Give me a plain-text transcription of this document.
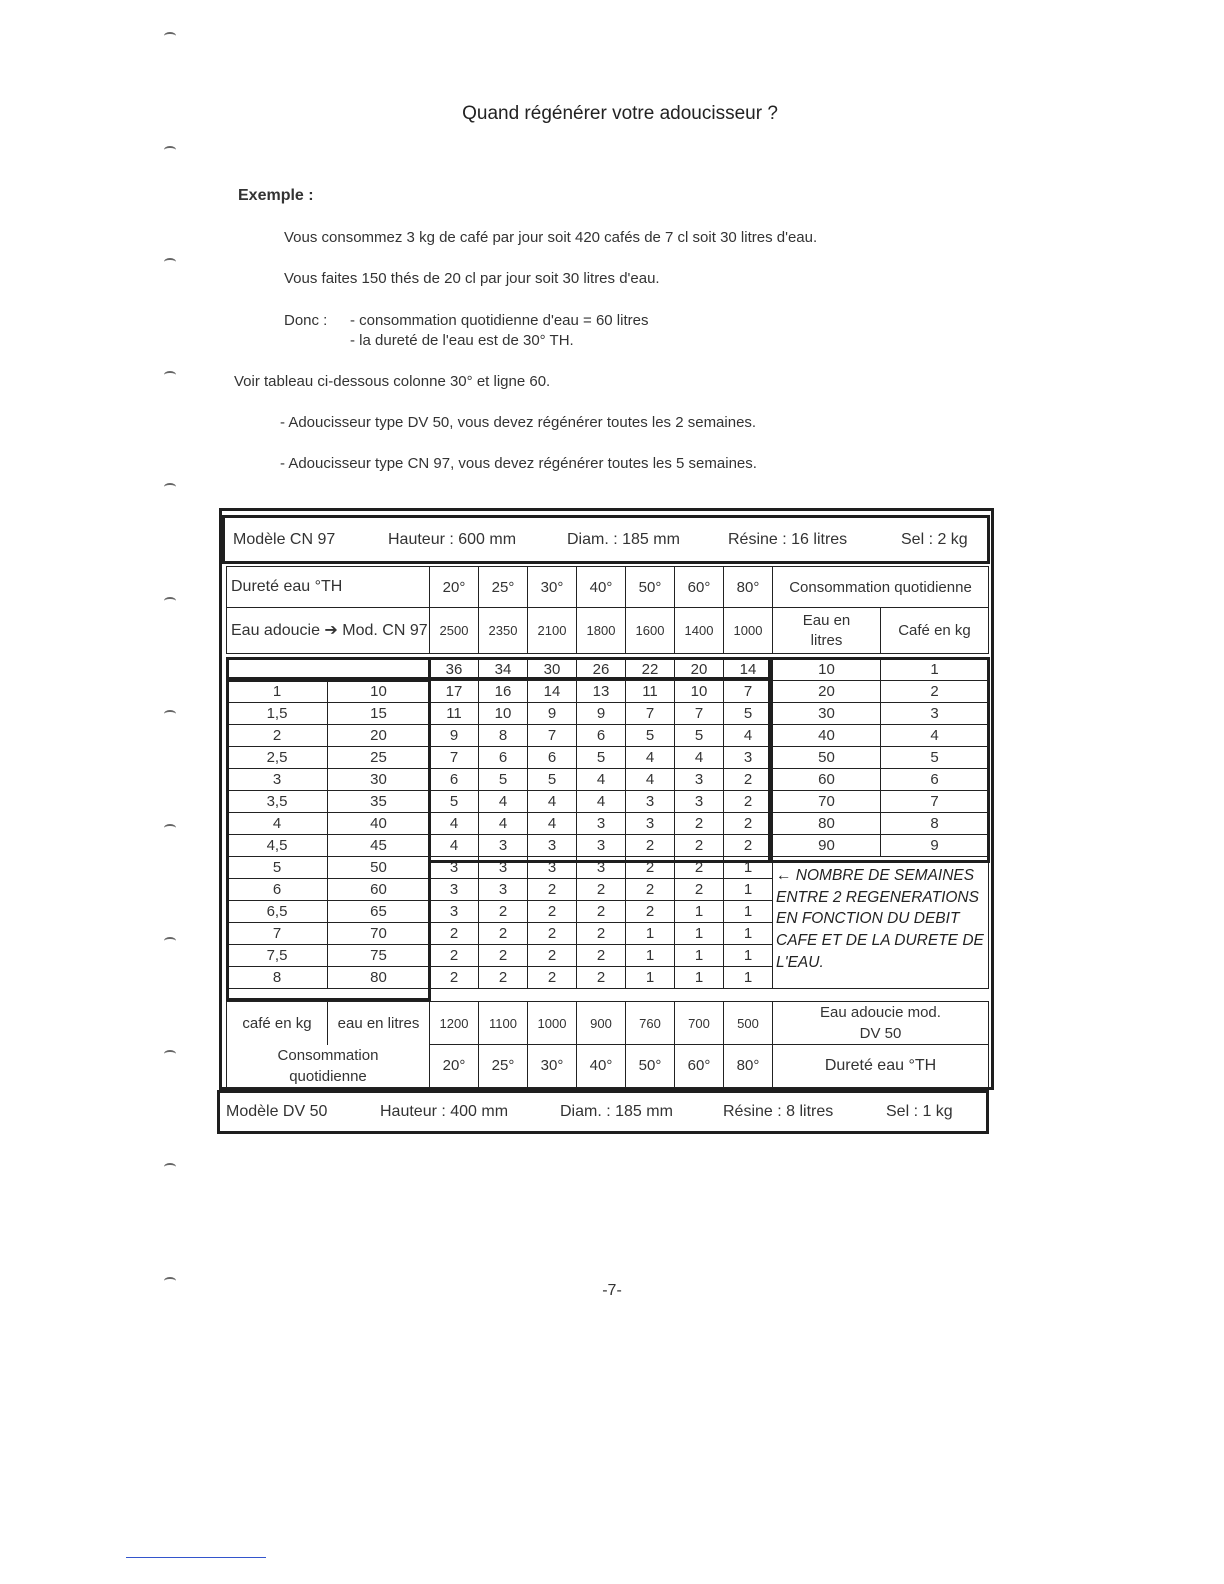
Quand régénérer votre adoucisseur ?
Exemple :
Vous consommez 3 kg de café par jour soit 420 cafés de 7 cl soit 30 litres d'eau.
Vous faites 150 thés de 20 cl par jour soit 30 litres d'eau.
Donc : - consommation quotidienne d'eau = 60 litres
- la dureté de l'eau est de 30° TH.
Voir tableau ci-dessous colonne 30° et ligne 60.
- Adoucisseur type DV 50, vous devez régénérer toutes les 2 semaines.
- Adoucisseur type CN 97, vous devez régénérer toutes les 5 semaines.
Modèle CN 97	Hauteur : 600 mm	Diam. : 185 mm	Résine : 16 litres	Sel : 2 kg
Dureté eau °TH	20°	25°	30°	40°	50°	60°	80°
Eau adoucie ➔ Mod. CN 97	2500	2350	2100	1800	1600	1400	1000
Consommation quotidienne
Eau en litres	Café en kg
		36	34	30	26	22	20	14	10	1
1	10	17	16	14	13	11	10	7	20	2
1,5	15	11	10	9	9	7	7	5	30	3
2	20	9	8	7	6	5	5	4	40	4
2,5	25	7	6	6	5	4	4	3	50	5
3	30	6	5	5	4	4	3	2	60	6
3,5	35	5	4	4	4	3	3	2	70	7
4	40	4	4	4	3	3	2	2	80	8
4,5	45	4	3	3	3	2	2	2	90	9
5	50	3	3	3	3	2	2	1		
6	60	3	3	2	2	2	2	1		
6,5	65	3	2	2	2	2	1	1		
7	70	2	2	2	2	1	1	1		
7,5	75	2	2	2	2	1	1	1		
8	80	2	2	2	2	1	1	1		
← NOMBRE DE SEMAINES ENTRE 2 REGENERATIONS EN FONCTION DU DEBIT CAFE ET DE LA DURETE DE L'EAU.
café en kg	eau en litres	1200	1100	1000	900	760	700	500	Eau adoucie mod. DV 50
Consommation quotidienne		20°	25°	30°	40°	50°	60°	80°	Dureté eau °TH
Modèle DV 50	Hauteur : 400 mm	Diam. : 185 mm	Résine : 8 litres	Sel : 1 kg
-7-
